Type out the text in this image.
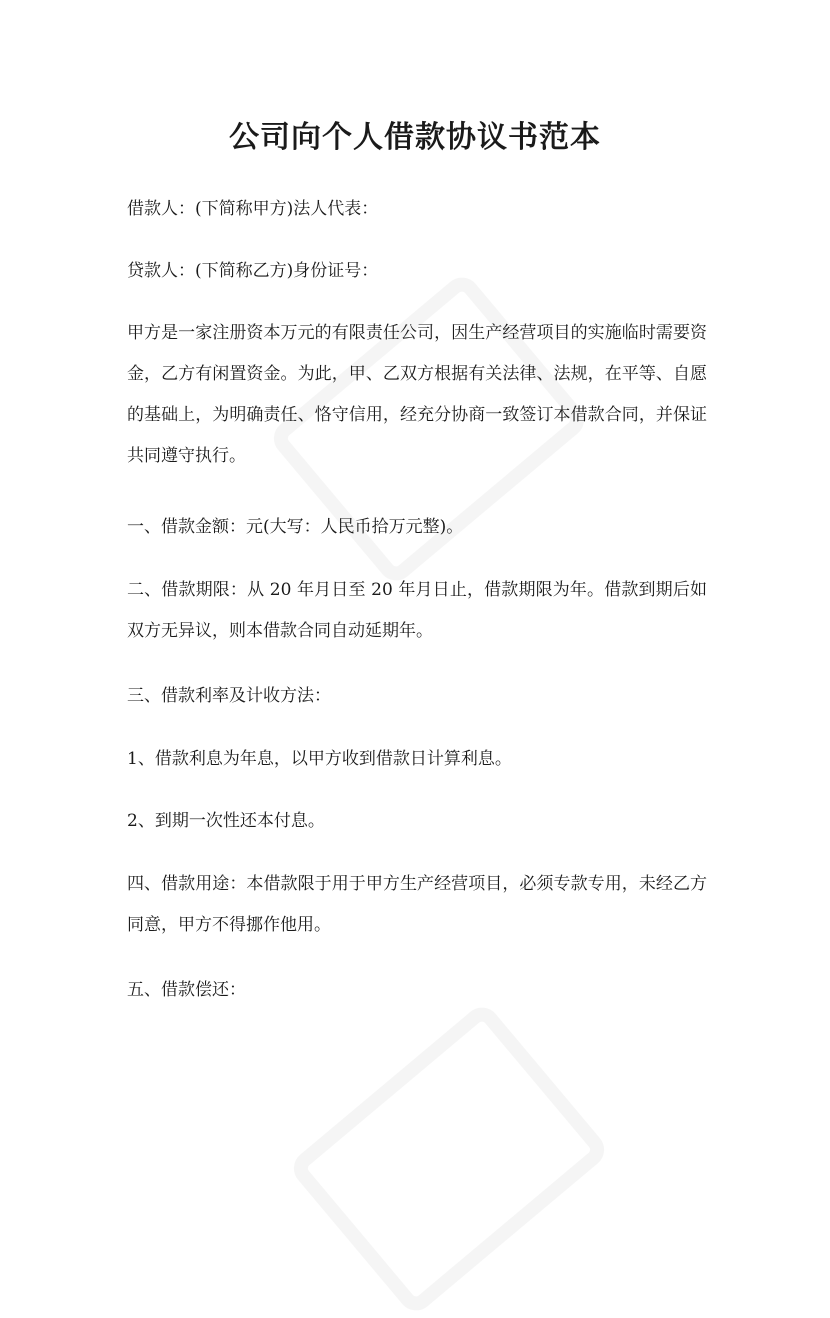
公司向个人借款协议书范本

借款人：(下简称甲方)法人代表：

贷款人：(下简称乙方)身份证号：

甲方是一家注册资本万元的有限责任公司，因生产经营项目的实施临时需要资金，乙方有闲置资金。为此，甲、乙双方根据有关法律、法规，在平等、自愿的基础上，为明确责任、恪守信用，经充分协商一致签订本借款合同，并保证共同遵守执行。

一、借款金额：元(大写：人民币拾万元整)。

二、借款期限：从 20 年月日至 20 年月日止，借款期限为年。借款到期后如双方无异议，则本借款合同自动延期年。

三、借款利率及计收方法：

1、借款利息为年息，以甲方收到借款日计算利息。

2、到期一次性还本付息。

四、借款用途：本借款限于用于甲方生产经营项目，必须专款专用，未经乙方同意，甲方不得挪作他用。

五、借款偿还：
